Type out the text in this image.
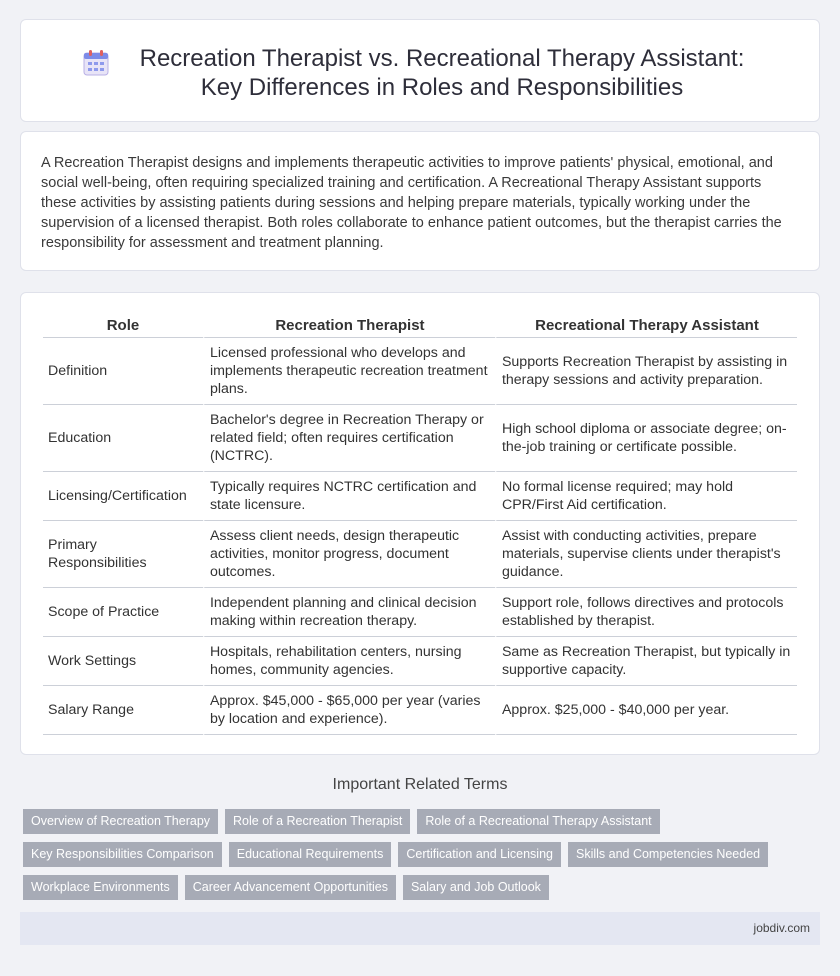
Recreation Therapist vs. Recreational Therapy Assistant: Key Differences in Roles and Responsibilities

A Recreation Therapist designs and implements therapeutic activities to improve patients' physical, emotional, and social well-being, often requiring specialized training and certification. A Recreational Therapy Assistant supports these activities by assisting patients during sessions and helping prepare materials, typically working under the supervision of a licensed therapist. Both roles collaborate to enhance patient outcomes, but the therapist carries the responsibility for assessment and treatment planning.

Role	Recreation Therapist	Recreational Therapy Assistant
Definition	Licensed professional who develops and implements therapeutic recreation treatment plans.	Supports Recreation Therapist by assisting in therapy sessions and activity preparation.
Education	Bachelor's degree in Recreation Therapy or related field; often requires certification (NCTRC).	High school diploma or associate degree; on-the-job training or certificate possible.
Licensing/Certification	Typically requires NCTRC certification and state licensure.	No formal license required; may hold CPR/First Aid certification.
Primary Responsibilities	Assess client needs, design therapeutic activities, monitor progress, document outcomes.	Assist with conducting activities, prepare materials, supervise clients under therapist's guidance.
Scope of Practice	Independent planning and clinical decision making within recreation therapy.	Support role, follows directives and protocols established by therapist.
Work Settings	Hospitals, rehabilitation centers, nursing homes, community agencies.	Same as Recreation Therapist, but typically in supportive capacity.
Salary Range	Approx. $45,000 - $65,000 per year (varies by location and experience).	Approx. $25,000 - $40,000 per year.
Important Related Terms
Overview of Recreation Therapy	Role of a Recreation Therapist	Role of a Recreational Therapy Assistant
Key Responsibilities Comparison	Educational Requirements	Certification and Licensing	Skills and Competencies Needed
Workplace Environments	Career Advancement Opportunities	Salary and Job Outlook
jobdiv.com
